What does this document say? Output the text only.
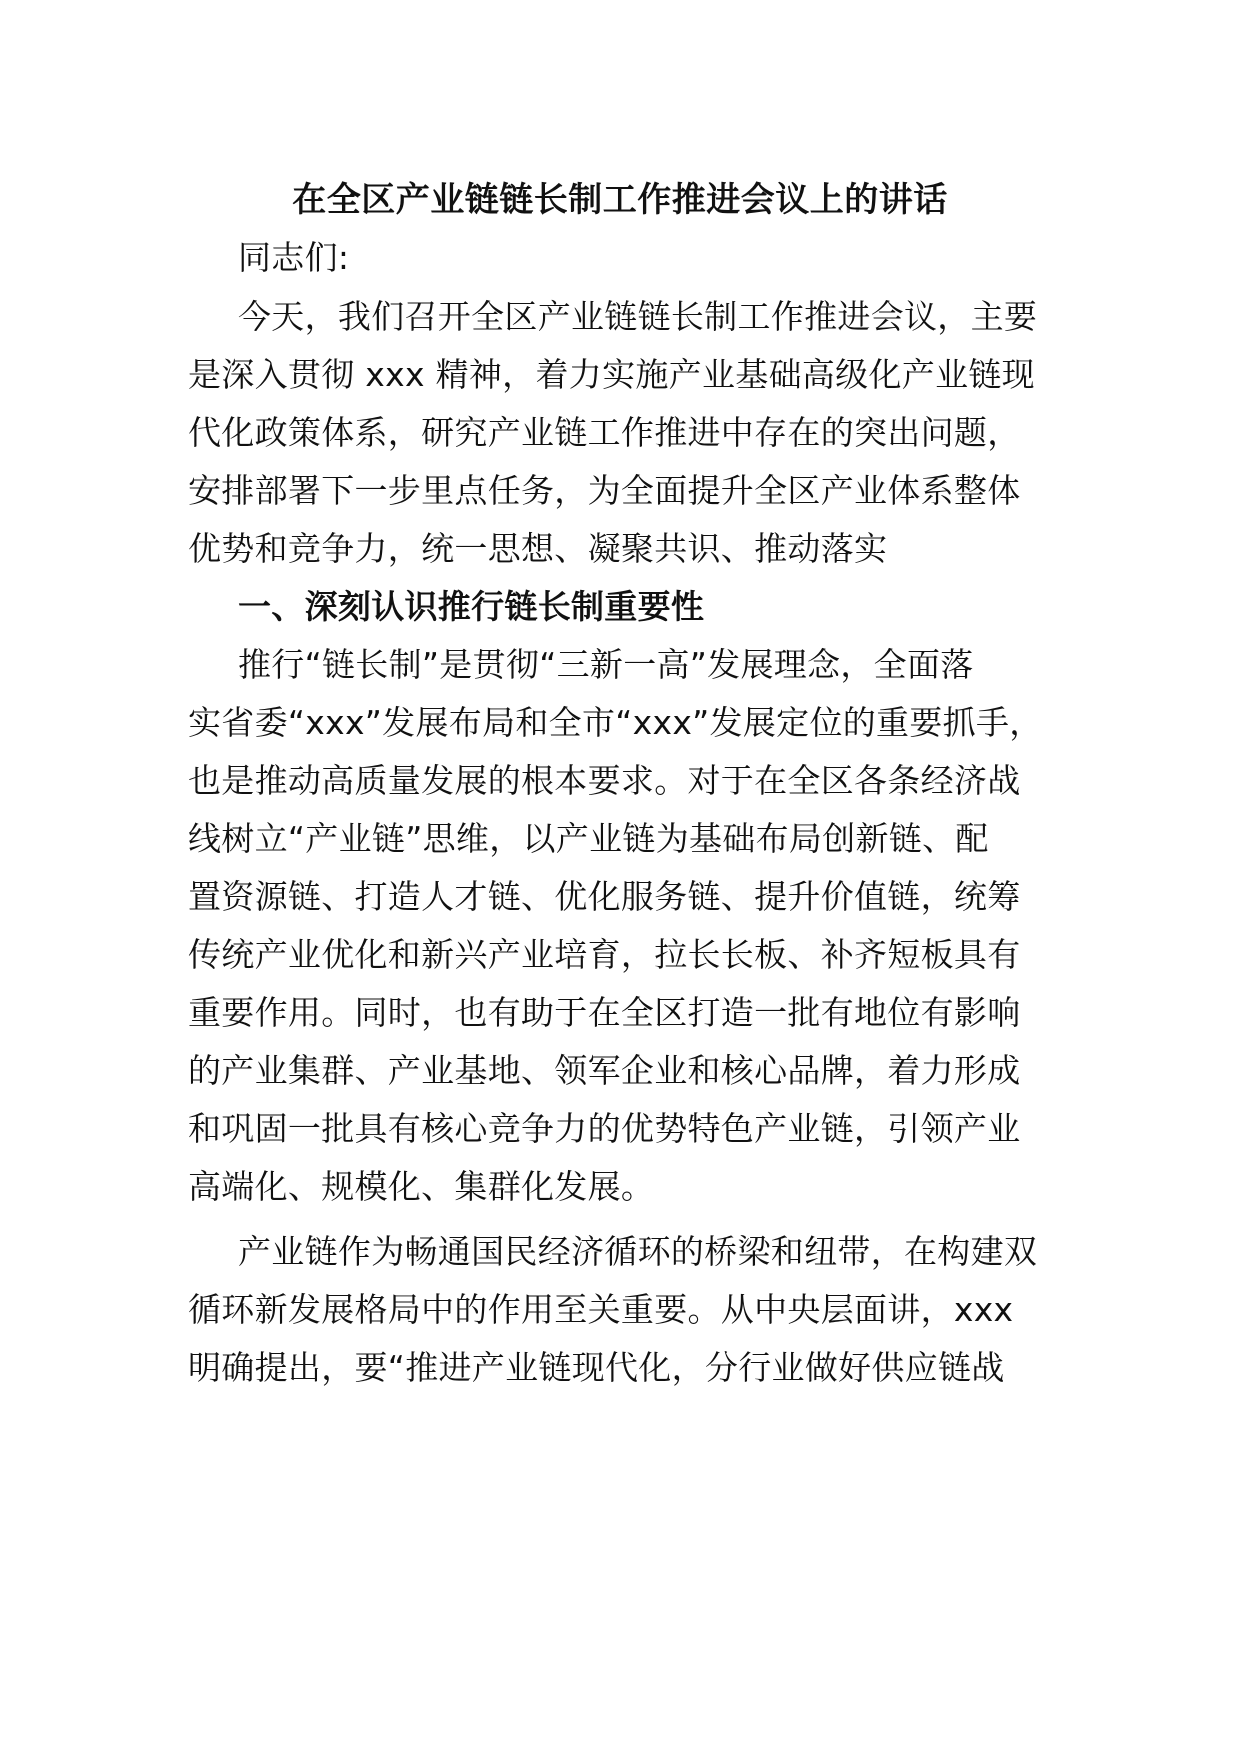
在全区产业链链长制工作推进会议上的讲话
同志们:
今天，我们召开全区产业链链长制工作推进会议，主要
是深入贯彻 xxx 精神，着力实施产业基础高级化产业链现
代化政策体系，研究产业链工作推进中存在的突出问题，
安排部署下一步里点任务，为全面提升全区产业体系整体
优势和竞争力，统一思想、凝聚共识、推动落实
一、深刻认识推行链长制重要性
推行“链长制”是贯彻“三新一高”发展理念，全面落
实省委“xxx”发展布局和全市“xxx”发展定位的重要抓手，
也是推动高质量发展的根本要求。对于在全区各条经济战
线树立“产业链”思维，以产业链为基础布局创新链、配
置资源链、打造人才链、优化服务链、提升价值链，统筹
传统产业优化和新兴产业培育，拉长长板、补齐短板具有
重要作用。同时，也有助于在全区打造一批有地位有影响
的产业集群、产业基地、领军企业和核心品牌，着力形成
和巩固一批具有核心竞争力的优势特色产业链，引领产业
高端化、规模化、集群化发展。
产业链作为畅通国民经济循环的桥梁和纽带，在构建双
循环新发展格局中的作用至关重要。从中央层面讲，xxx
明确提出，要“推进产业链现代化，分行业做好供应链战
